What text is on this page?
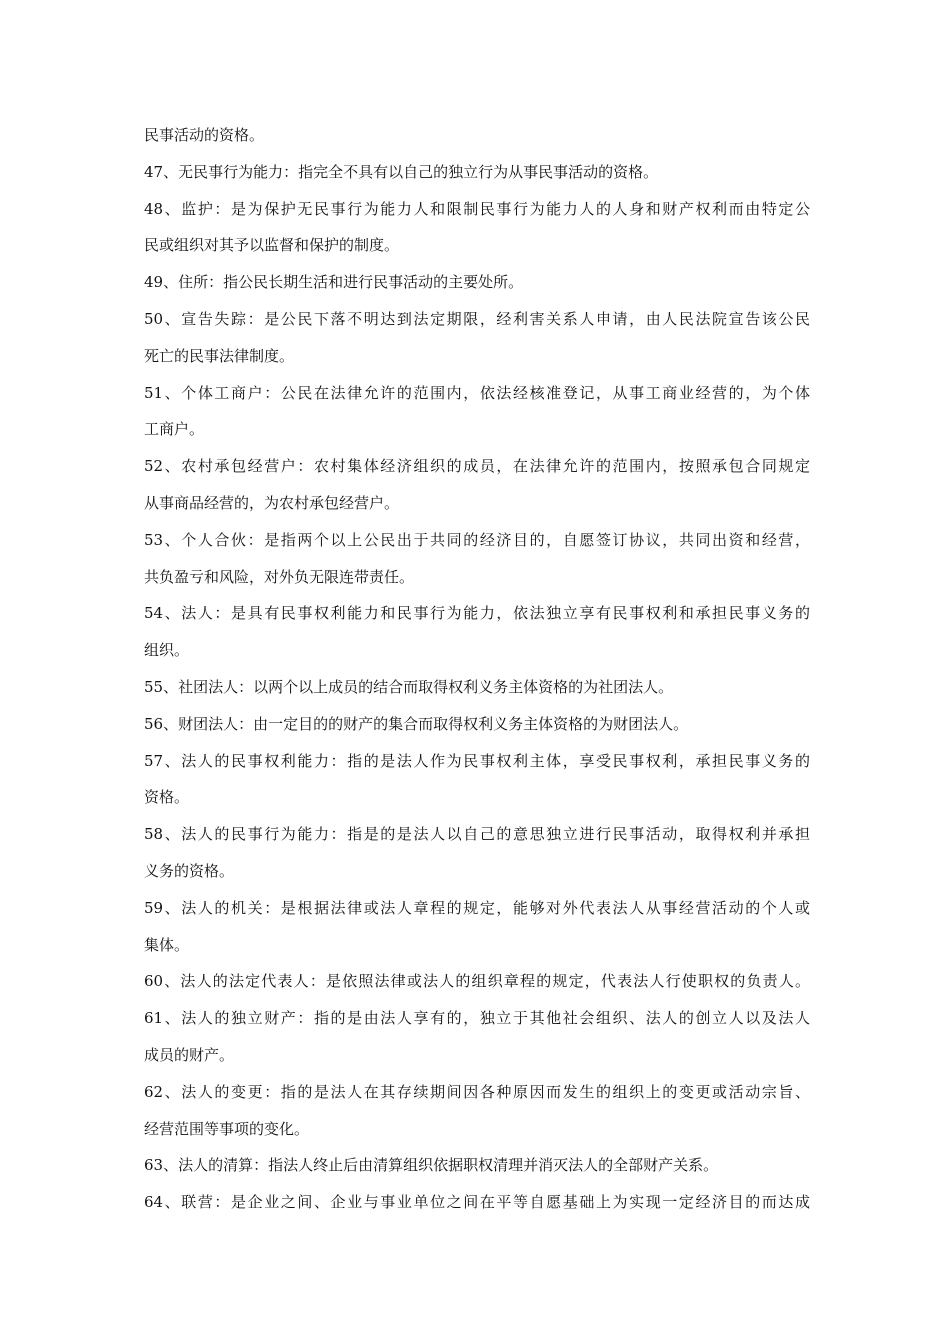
民事活动的资格。
47、无民事行为能力：指完全不具有以自己的独立行为从事民事活动的资格。
48、监护：是为保护无民事行为能力人和限制民事行为能力人的人身和财产权利而由特定公
民或组织对其予以监督和保护的制度。
49、住所：指公民长期生活和进行民事活动的主要处所。
50、宣告失踪：是公民下落不明达到法定期限，经利害关系人申请，由人民法院宣告该公民
死亡的民事法律制度。
51、个体工商户：公民在法律允许的范围内，依法经核准登记，从事工商业经营的，为个体
工商户。
52、农村承包经营户：农村集体经济组织的成员，在法律允许的范围内，按照承包合同规定
从事商品经营的，为农村承包经营户。
53、个人合伙：是指两个以上公民出于共同的经济目的，自愿签订协议，共同出资和经营，
共负盈亏和风险，对外负无限连带责任。
54、法人：是具有民事权利能力和民事行为能力，依法独立享有民事权利和承担民事义务的
组织。
55、社团法人：以两个以上成员的结合而取得权利义务主体资格的为社团法人。
56、财团法人：由一定目的的财产的集合而取得权利义务主体资格的为财团法人。
57、法人的民事权利能力：指的是法人作为民事权利主体，享受民事权利，承担民事义务的
资格。
58、法人的民事行为能力：指是的是法人以自己的意思独立进行民事活动，取得权利并承担
义务的资格。
59、法人的机关：是根据法律或法人章程的规定，能够对外代表法人从事经营活动的个人或
集体。
60、法人的法定代表人：是依照法律或法人的组织章程的规定，代表法人行使职权的负责人。
61、法人的独立财产：指的是由法人享有的，独立于其他社会组织、法人的创立人以及法人
成员的财产。
62、法人的变更：指的是法人在其存续期间因各种原因而发生的组织上的变更或活动宗旨、
经营范围等事项的变化。
63、法人的清算：指法人终止后由清算组织依据职权清理并消灭法人的全部财产关系。
64、联营：是企业之间、企业与事业单位之间在平等自愿基础上为实现一定经济目的而达成
